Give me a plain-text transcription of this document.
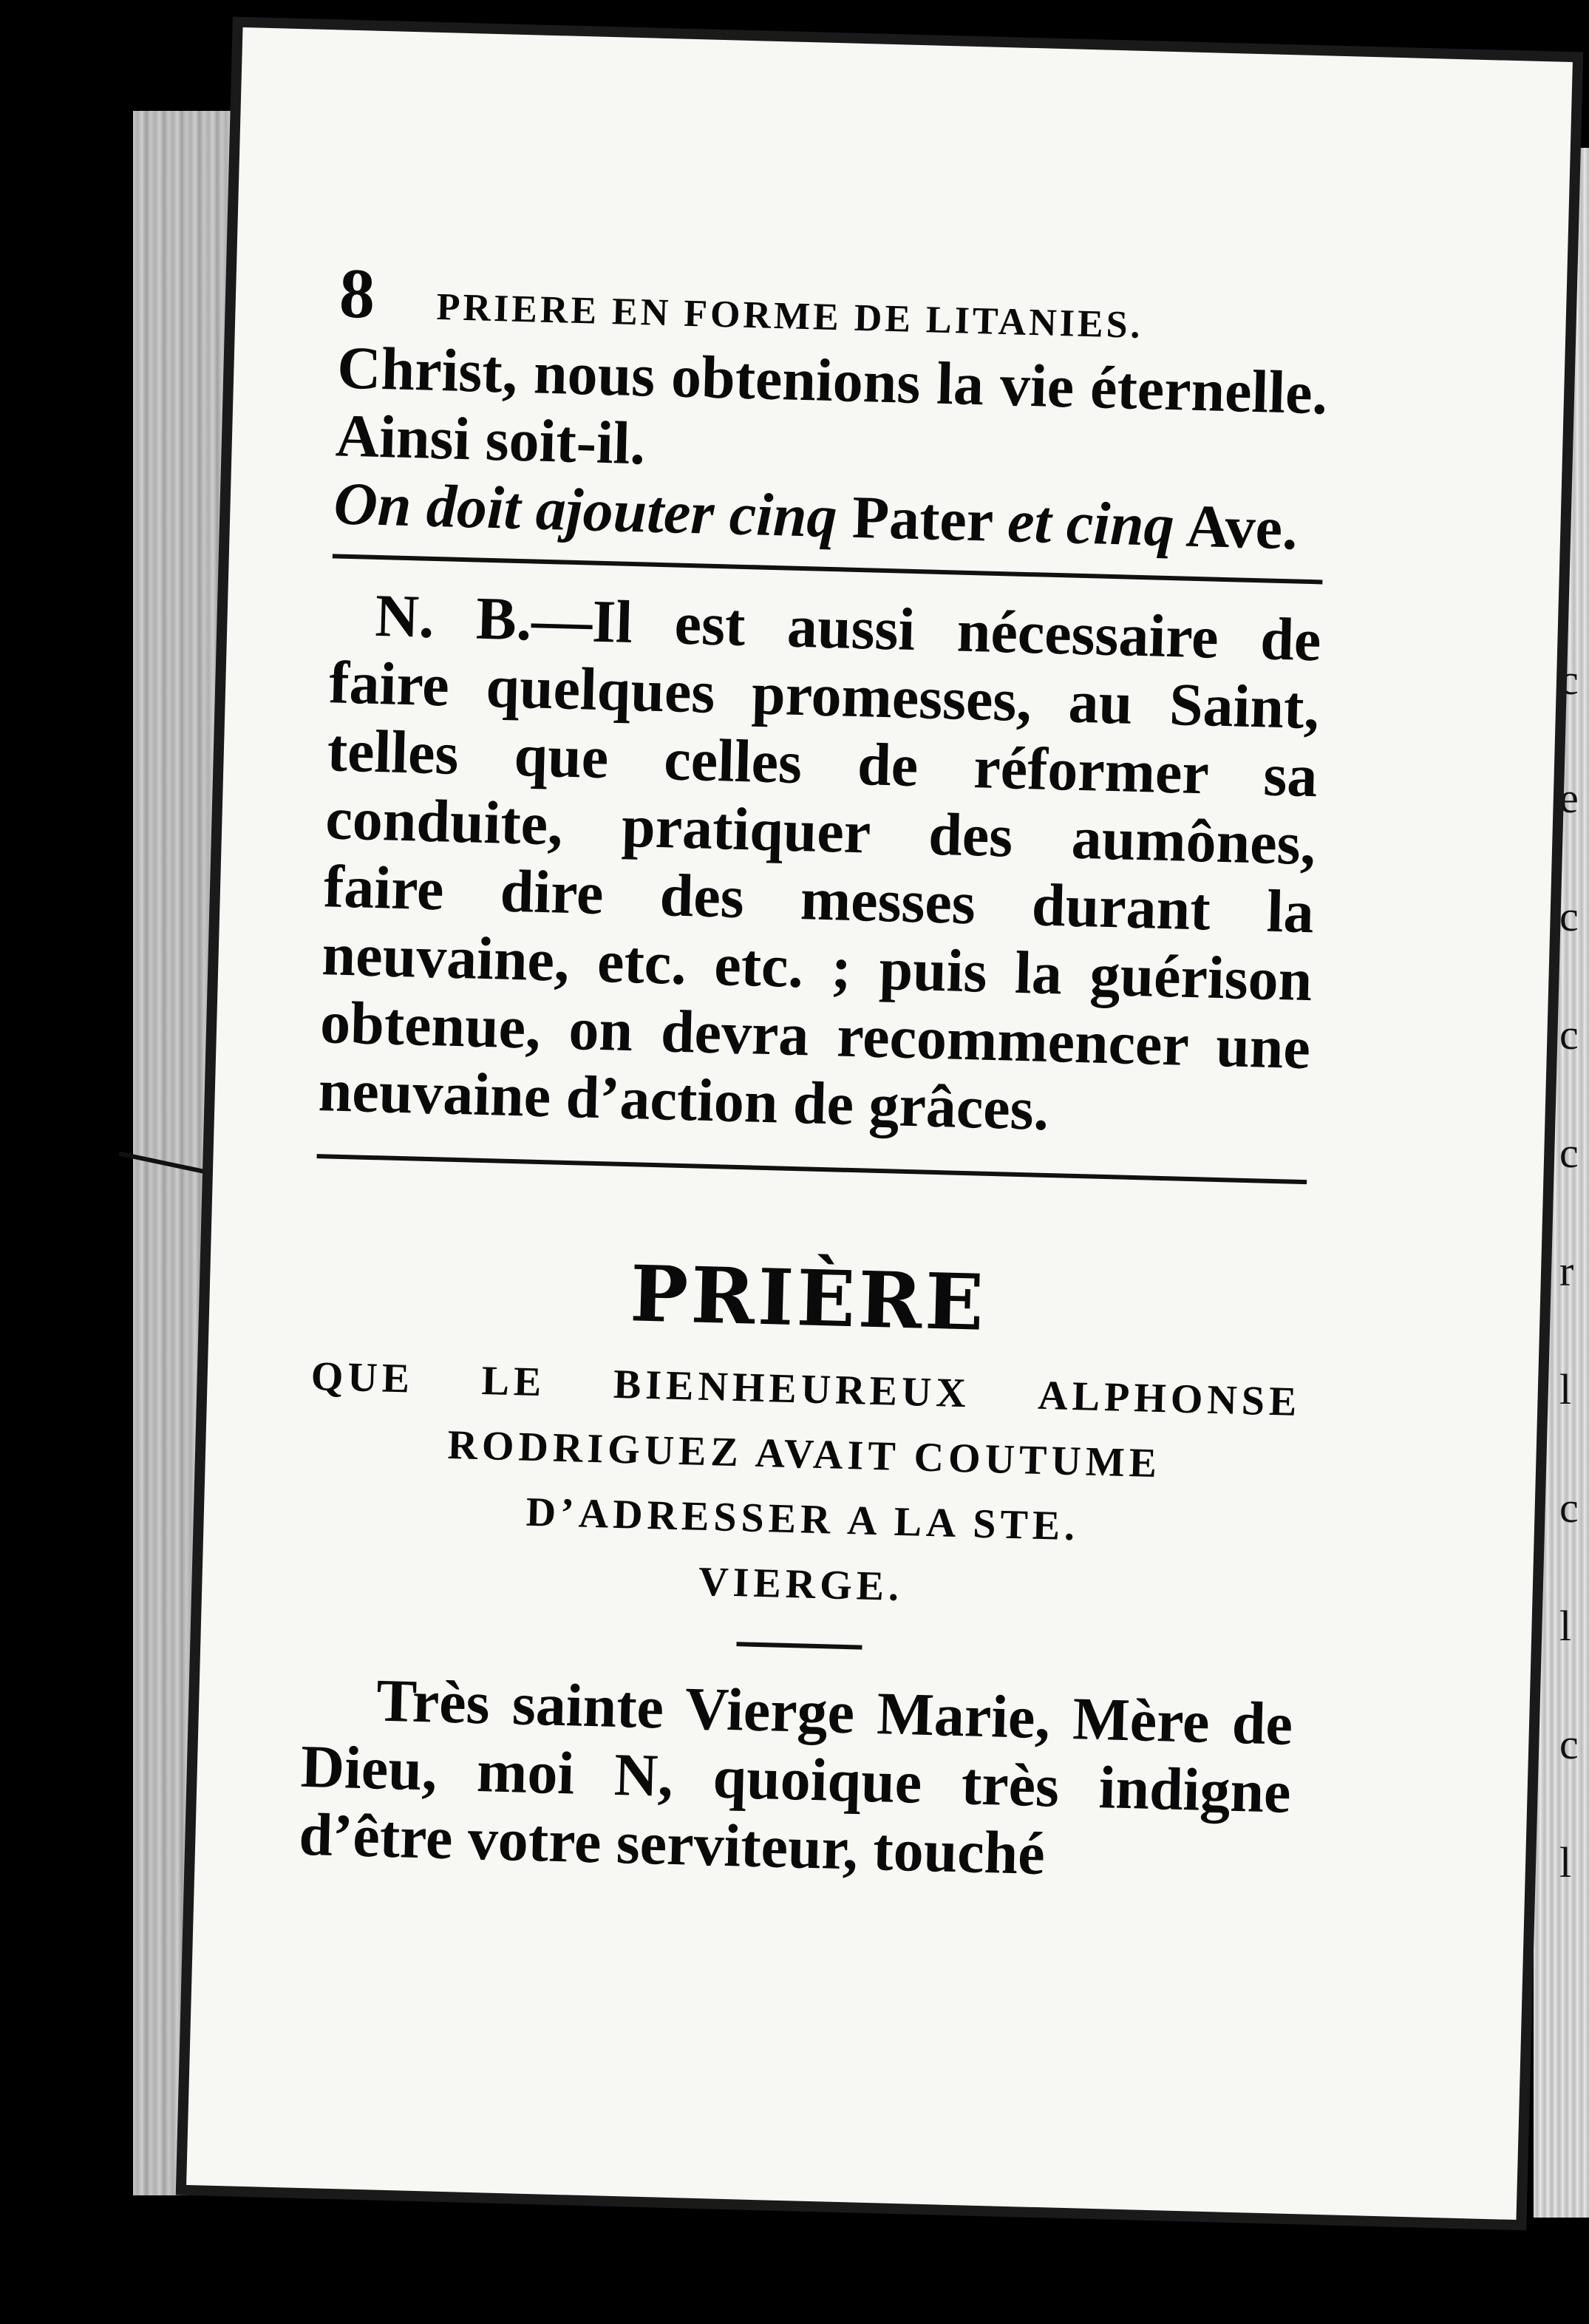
c
e
c
c
c
r
l
c
l
c
l
8 PRIERE EN FORME DE LITANIES.

Christ, nous obtenions la vie éternelle. Ainsi soit-il.

On doit ajouter cinq Pater et cinq Ave.

N. B.—Il est aussi nécessaire de faire quelques promesses, au Saint, telles que celles de réformer sa conduite, pratiquer des aumônes, faire dire des messes durant la neuvaine, etc. etc. ; puis la guérison obtenue, on devra recommencer une neuvaine d’action de grâces.

PRIÈRE
QUE LE BIENHEUREUX ALPHONSE
RODRIGUEZ AVAIT COUTUME
D’ADRESSER A LA STE.
VIERGE.

Très sainte Vierge Marie, Mère de Dieu, moi N, quoique très indigne d’être votre serviteur, touché
